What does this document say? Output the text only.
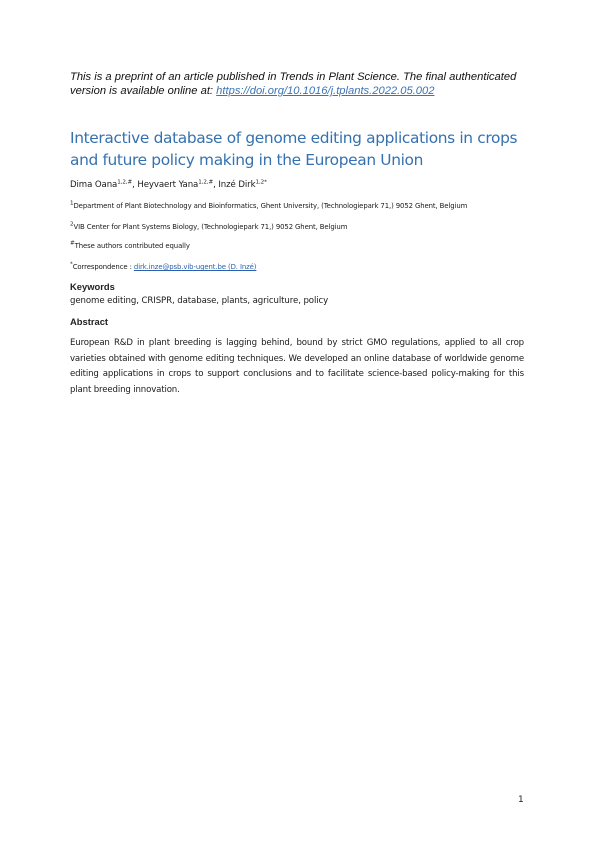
This is a preprint of an article published in Trends in Plant Science. The final authenticated version is available online at: https://doi.org/10.1016/j.tplants.2022.05.002
Interactive database of genome editing applications in crops and future policy making in the European Union
Dima Oana$^{1,2,\#}$, Heyvaert Yana$^{1,2,\#}$, Inzé Dirk$^{1,2*}$
$^1$Department of Plant Biotechnology and Bioinformatics, Ghent University, (Technologiepark 71,) 9052 Ghent, Belgium
$^2$VIB Center for Plant Systems Biology, (Technologiepark 71,) 9052 Ghent, Belgium
#These authors contributed equally
*Correspondence : dirk.inze@psb.vib-ugent.be (D. Inzé)
Keywords
genome editing, CRISPR, database, plants, agriculture, policy
Abstract

European R&D in plant breeding is lagging behind, bound by strict GMO regulations, applied to all crop varieties obtained with genome editing techniques. We developed an online database of worldwide genome editing applications in crops to support conclusions and to facilitate science-based policy-making for this plant breeding innovation.

1
